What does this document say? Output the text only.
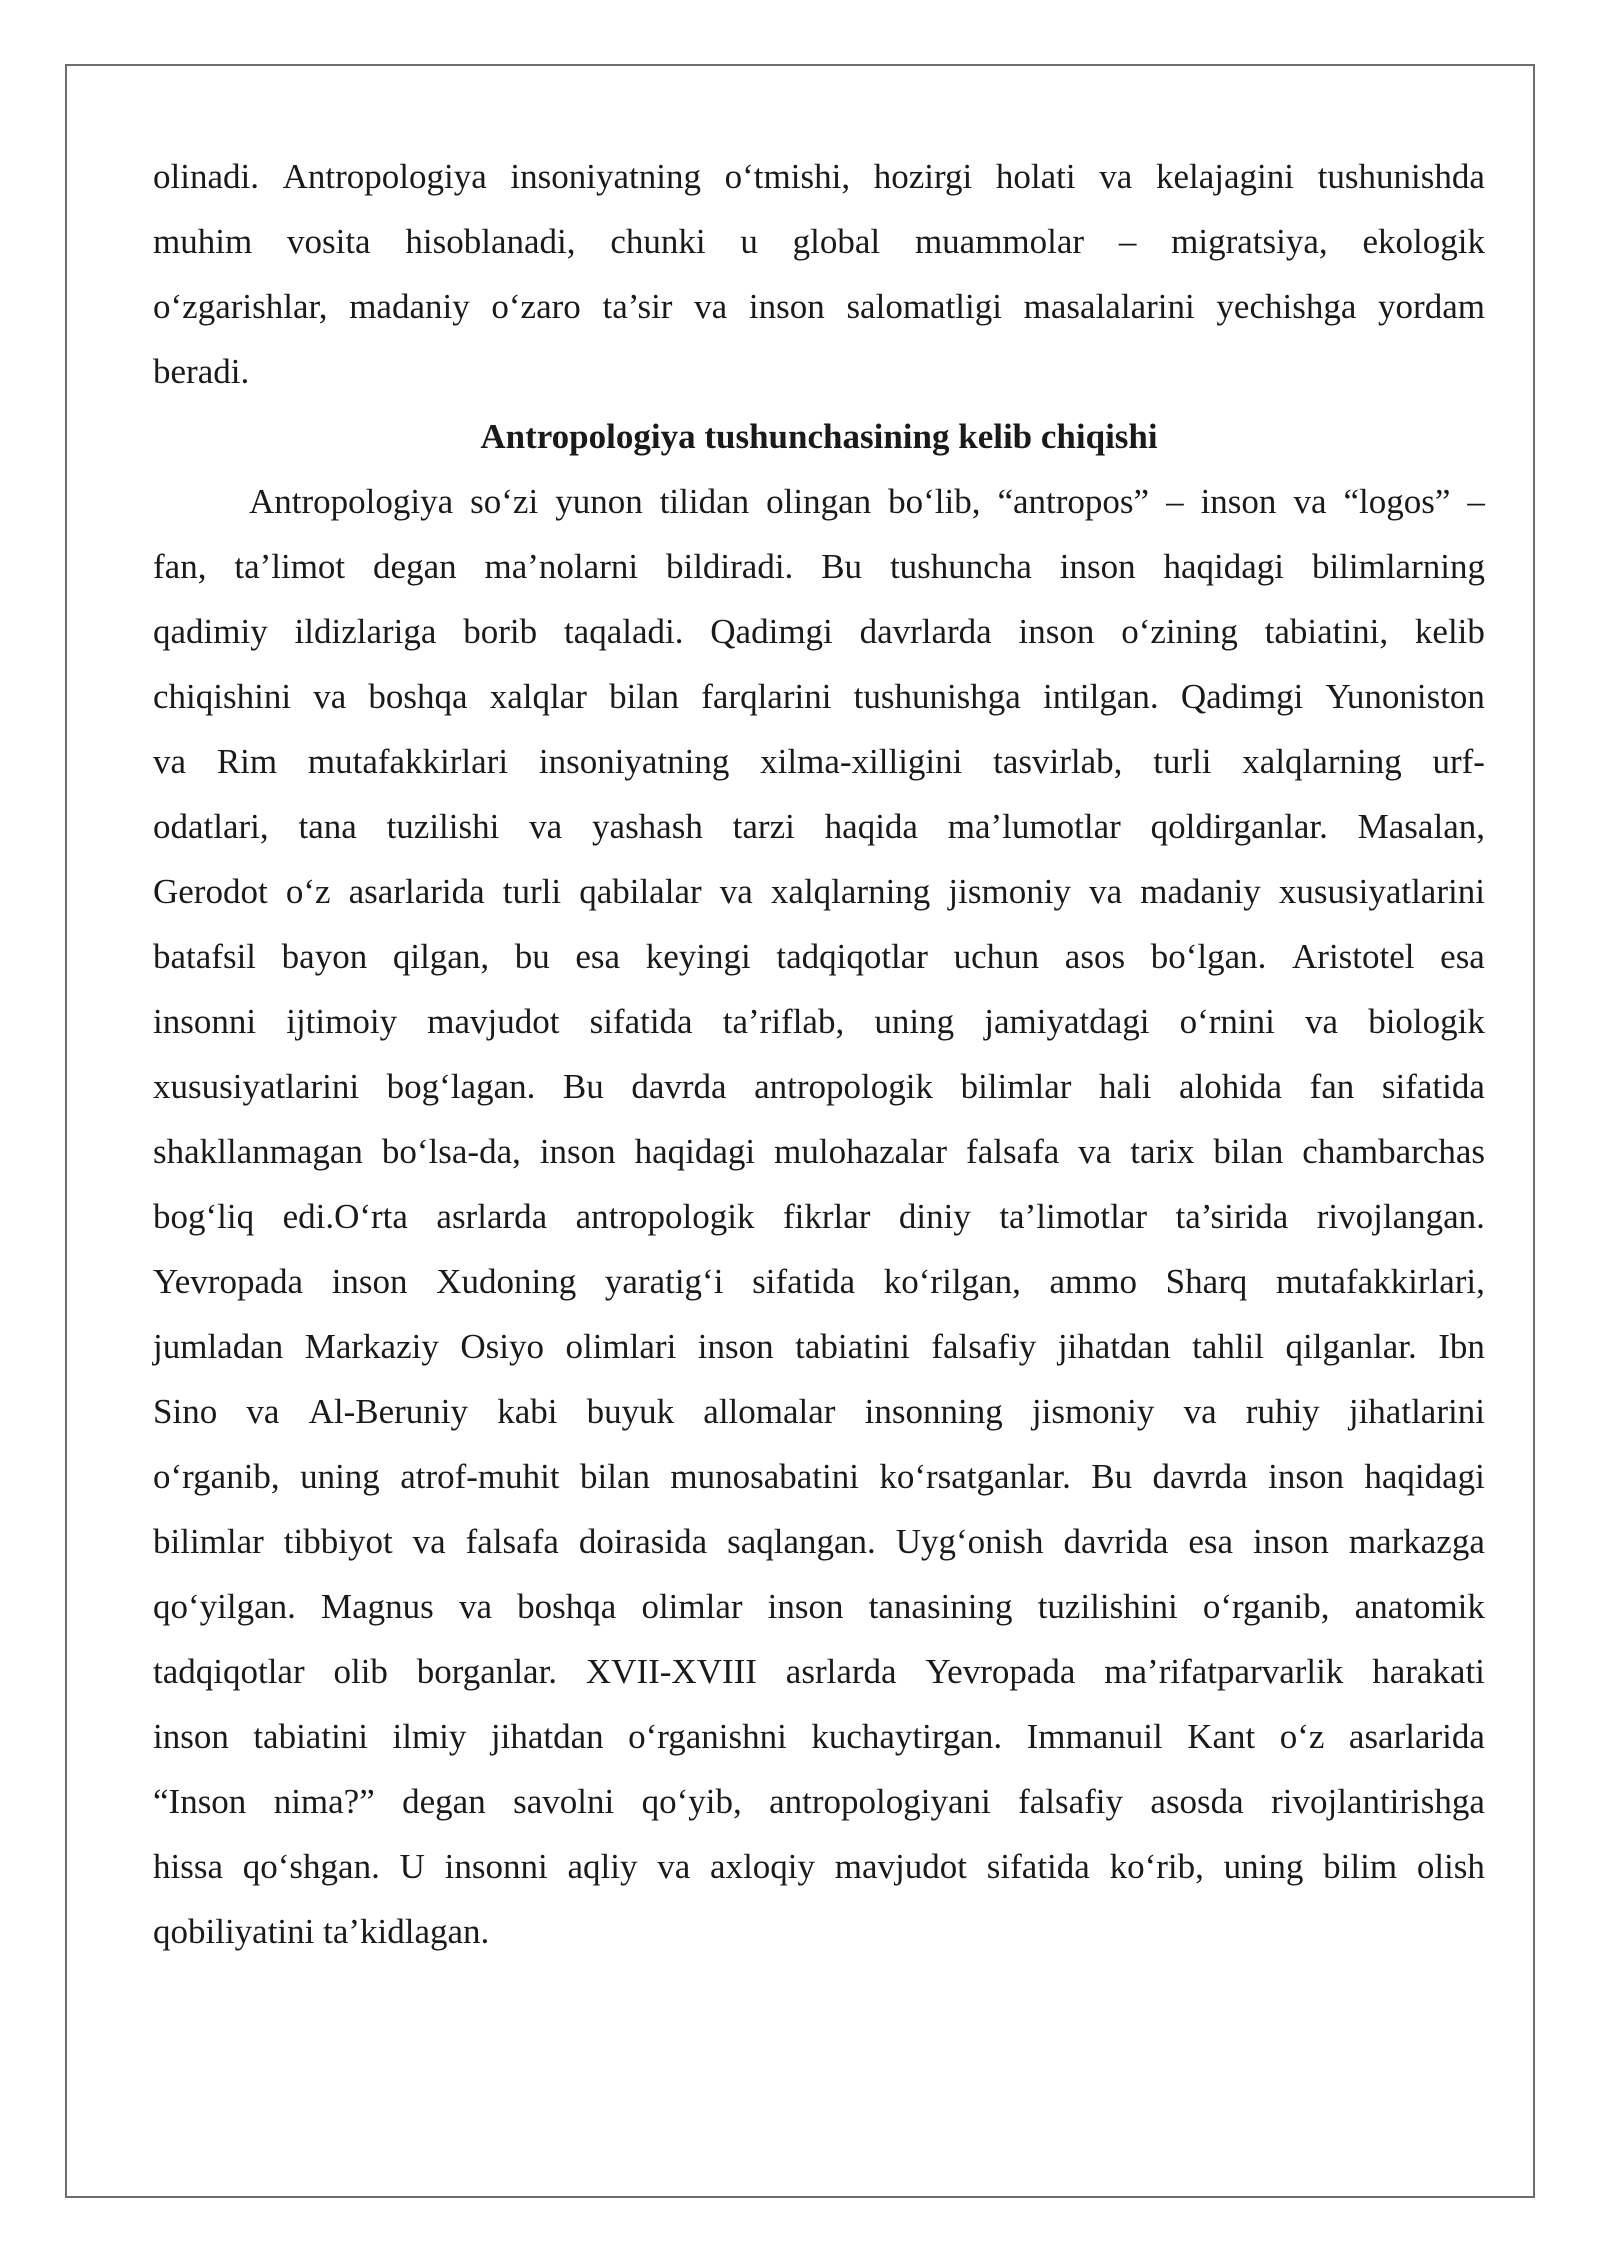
olinadi. Antropologiya insoniyatning oʻtmishi, hozirgi holati va kelajagini tushunishda
muhim vosita hisoblanadi, chunki u global muammolar – migratsiya, ekologik
oʻzgarishlar, madaniy oʻzaro ta’sir va inson salomatligi masalalarini yechishga yordam
beradi.
Antropologiya tushunchasining kelib chiqishi
Antropologiya soʻzi yunon tilidan olingan boʻlib, “antropos” – inson va “logos” –
fan, ta’limot degan ma’nolarni bildiradi. Bu tushuncha inson haqidagi bilimlarning
qadimiy ildizlariga borib taqaladi. Qadimgi davrlarda inson oʻzining tabiatini, kelib
chiqishini va boshqa xalqlar bilan farqlarini tushunishga intilgan. Qadimgi Yunoniston
va Rim mutafakkirlari insoniyatning xilma-xilligini tasvirlab, turli xalqlarning urf-
odatlari, tana tuzilishi va yashash tarzi haqida ma’lumotlar qoldirganlar. Masalan,
Gerodot oʻz asarlarida turli qabilalar va xalqlarning jismoniy va madaniy xususiyatlarini
batafsil bayon qilgan, bu esa keyingi tadqiqotlar uchun asos boʻlgan. Aristotel esa
insonni ijtimoiy mavjudot sifatida ta’riflab, uning jamiyatdagi oʻrnini va biologik
xususiyatlarini bogʻlagan. Bu davrda antropologik bilimlar hali alohida fan sifatida
shakllanmagan boʻlsa-da, inson haqidagi mulohazalar falsafa va tarix bilan chambarchas
bogʻliq edi.Oʻrta asrlarda antropologik fikrlar diniy ta’limotlar ta’sirida rivojlangan.
Yevropada inson Xudoning yaratigʻi sifatida koʻrilgan, ammo Sharq mutafakkirlari,
jumladan Markaziy Osiyo olimlari inson tabiatini falsafiy jihatdan tahlil qilganlar. Ibn
Sino va Al-Beruniy kabi buyuk allomalar insonning jismoniy va ruhiy jihatlarini
oʻrganib, uning atrof-muhit bilan munosabatini koʻrsatganlar. Bu davrda inson haqidagi
bilimlar tibbiyot va falsafa doirasida saqlangan. Uygʻonish davrida esa inson markazga
qoʻyilgan. Magnus va boshqa olimlar inson tanasining tuzilishini oʻrganib, anatomik
tadqiqotlar olib borganlar. XVII-XVIII asrlarda Yevropada ma’rifatparvarlik harakati
inson tabiatini ilmiy jihatdan oʻrganishni kuchaytirgan. Immanuil Kant oʻz asarlarida
“Inson nima?” degan savolni qoʻyib, antropologiyani falsafiy asosda rivojlantirishga
hissa qoʻshgan. U insonni aqliy va axloqiy mavjudot sifatida koʻrib, uning bilim olish
qobiliyatini ta’kidlagan.
